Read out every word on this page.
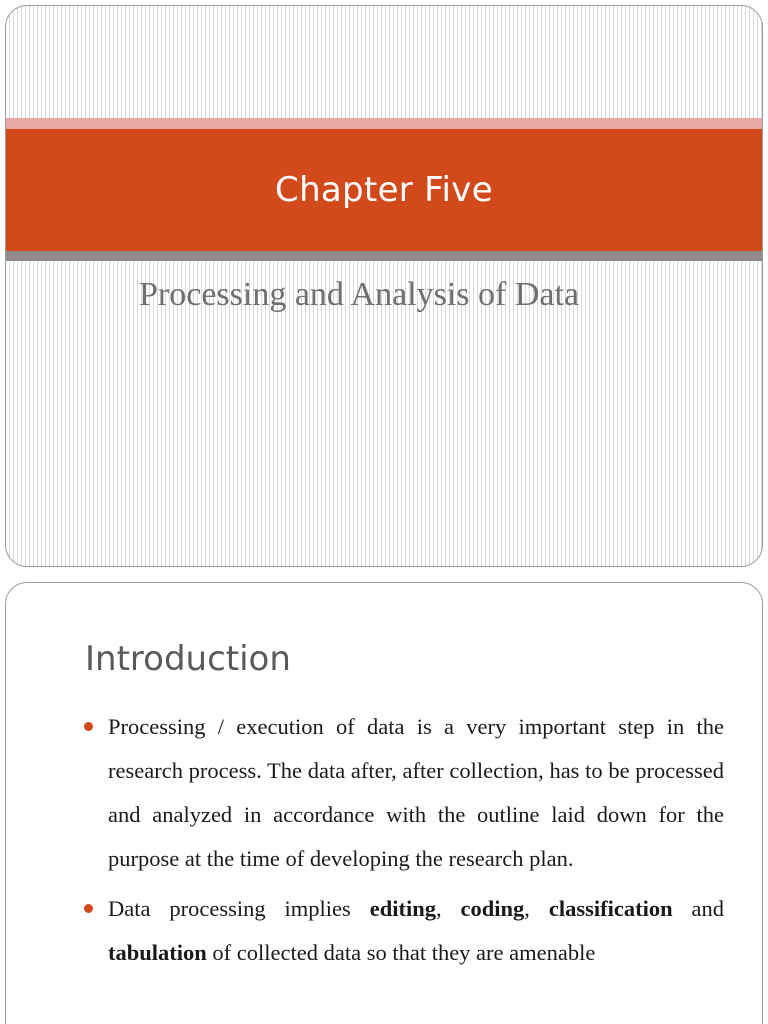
Chapter Five
Processing and Analysis of Data
Introduction
Processing / execution of data is a very important step in the research process. The data after, after collection, has to be processed and analyzed in accordance with the outline laid down for the purpose at the time of developing the research plan.
Data processing implies editing, coding, classification and tabulation of collected data so that they are amenable
